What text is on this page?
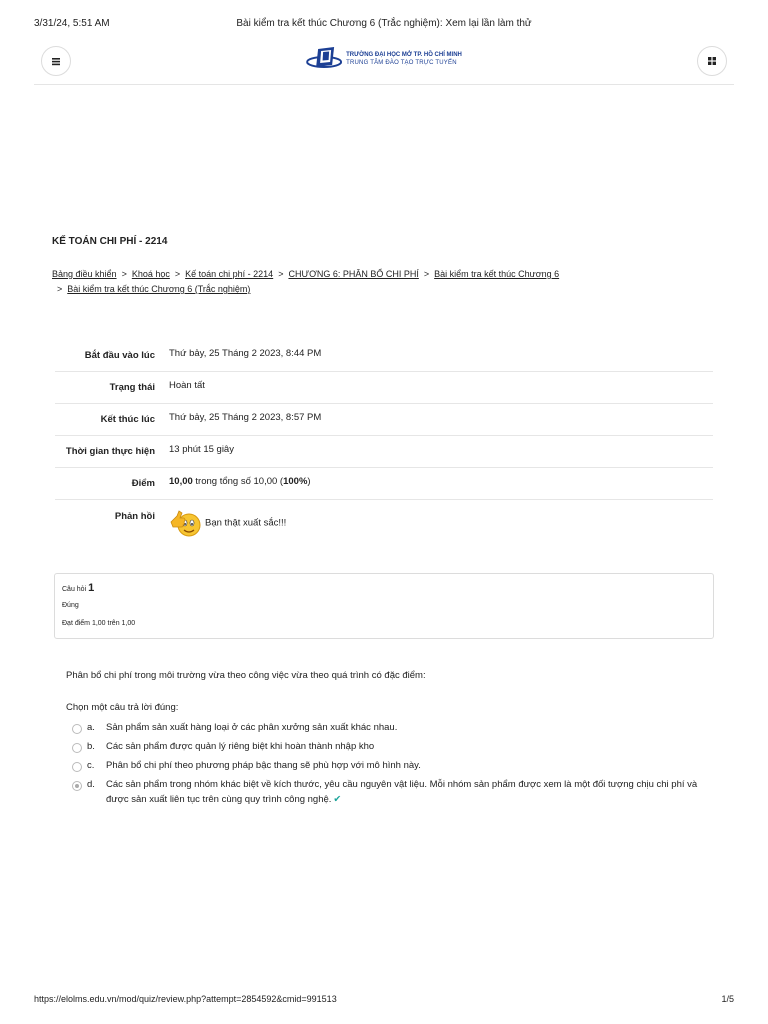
3/31/24, 5:51 AM	Bài kiểm tra kết thúc Chương 6 (Trắc nghiệm): Xem lại lần làm thử
TRƯỜNG ĐẠI HỌC MỞ TP. HỒ CHÍ MINH
TRUNG TÂM ĐÀO TẠO TRỰC TUYẾN
KẾ TOÁN CHI PHÍ - 2214
Bảng điều khiển > Khoá học > Kế toán chi phí - 2214 > CHƯƠNG 6: PHÂN BỔ CHI PHÍ > Bài kiểm tra kết thúc Chương 6
> Bài kiểm tra kết thúc Chương 6 (Trắc nghiệm)
Bắt đầu vào lúc	Thứ bảy, 25 Tháng 2 2023, 8:44 PM
Trạng thái	Hoàn tất
Kết thúc lúc	Thứ bảy, 25 Tháng 2 2023, 8:57 PM
Thời gian thực hiện	13 phút 15 giây
Điểm	10,00 trong tổng số 10,00 (100%)
Phản hồi	Bạn thật xuất sắc!!!
Câu hỏi 1
Đúng
Đạt điểm 1,00 trên 1,00
Phân bổ chi phí trong môi trường vừa theo công việc vừa theo quá trình có đặc điểm:
Chọn một câu trả lời đúng:
a. Sản phẩm sản xuất hàng loại ở các phân xưởng sản xuất khác nhau.
b. Các sản phẩm được quản lý riêng biệt khi hoàn thành nhập kho
c. Phân bổ chi phí theo phương pháp bậc thang sẽ phù hợp với mô hình này.
d. Các sản phẩm trong nhóm khác biệt về kích thước, yêu cầu nguyên vật liệu. Mỗi nhóm sản phẩm được xem là một đối tượng chịu chi phí và được sản xuất liên tục trên cùng quy trình công nghệ. ✔
https://elolms.edu.vn/mod/quiz/review.php?attempt=2854592&cmid=991513	1/5
